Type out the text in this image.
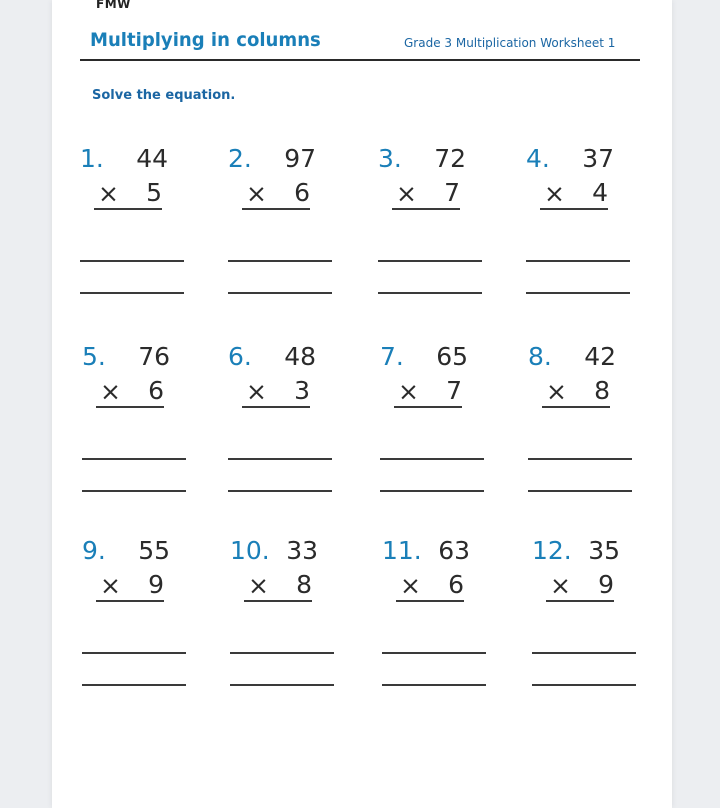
FMW
Multiplying in columns	Grade 3 Multiplication Worksheet 1
Solve the equation.
1. 44
× 5
2. 97
× 6
3. 72
× 7
4. 37
× 4
5. 76
× 6
6. 48
× 3
7. 65
× 7
8. 42
× 8
9. 55
× 9
10. 33
× 8
11. 63
× 6
12. 35
× 9
